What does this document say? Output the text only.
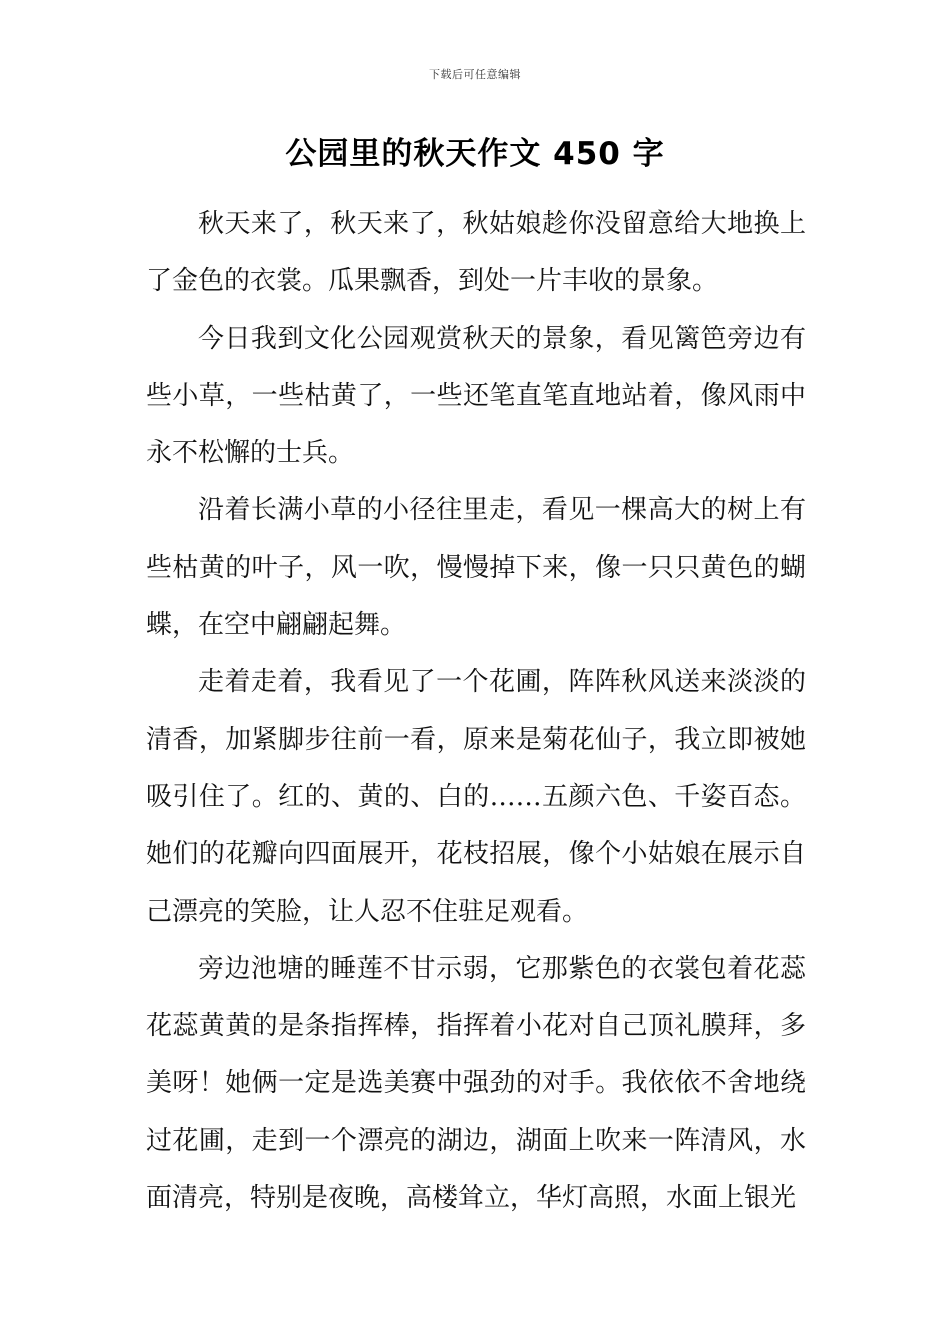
下载后可任意编辑
公园里的秋天作文 450 字

秋天来了，秋天来了，秋姑娘趁你没留意给大地换上了金色的衣裳。瓜果飘香，到处一片丰收的景象。

今日我到文化公园观赏秋天的景象，看见篱笆旁边有些小草，一些枯黄了，一些还笔直笔直地站着，像风雨中永不松懈的士兵。

沿着长满小草的小径往里走，看见一棵高大的树上有些枯黄的叶子，风一吹，慢慢掉下来，像一只只黄色的蝴蝶，在空中翩翩起舞。

走着走着，我看见了一个花圃，阵阵秋风送来淡淡的清香，加紧脚步往前一看，原来是菊花仙子，我立即被她吸引住了。红的、黄的、白的……五颜六色、千姿百态。她们的花瓣向四面展开，花枝招展，像个小姑娘在展示自己漂亮的笑脸，让人忍不住驻足观看。

旁边池塘的睡莲不甘示弱，它那紫色的衣裳包着花蕊花蕊黄黄的是条指挥棒，指挥着小花对自己顶礼膜拜，多美呀！她俩一定是选美赛中强劲的对手。我依依不舍地绕过花圃，走到一个漂亮的湖边，湖面上吹来一阵清风，水面清亮，特别是夜晚，高楼耸立，华灯高照，水面上银光
